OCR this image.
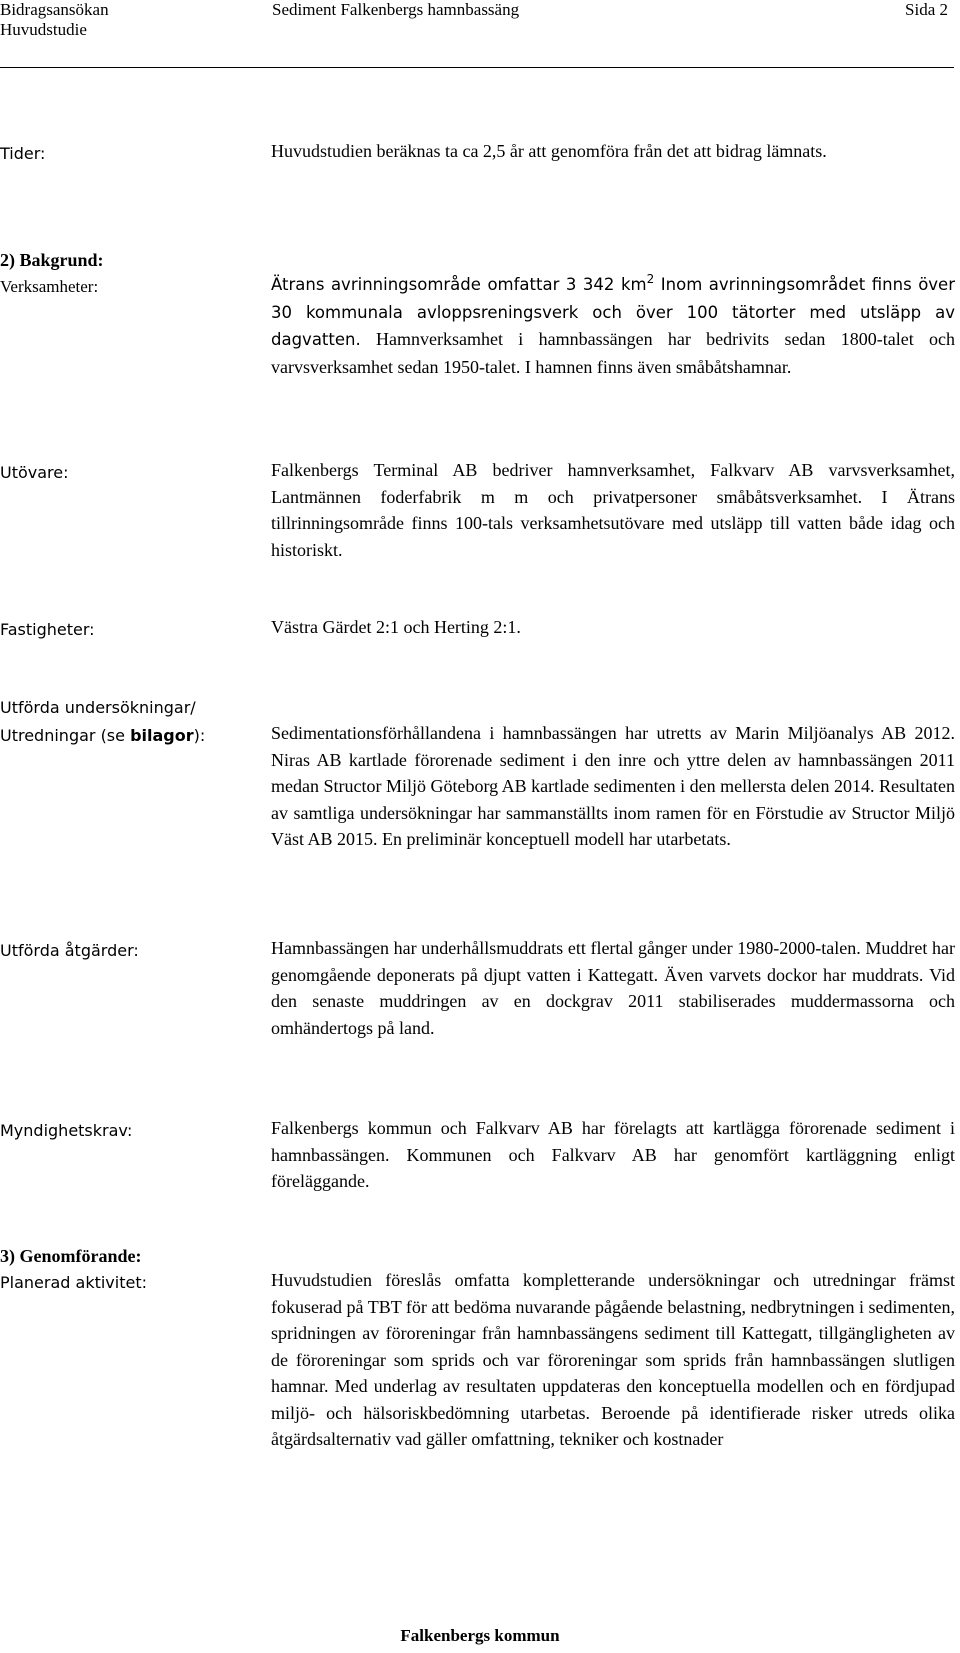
Bidragsansökan
Huvudstudie
Sediment Falkenbergs hamnbassäng	Sida 2
Tider:	Huvudstudien beräknas ta ca 2,5 år att genomföra från det att bidrag lämnats.

2) Bakgrund:
Verksamheter:	Ätrans avrinningsområde omfattar 3 342 $km^2$ Inom avrinningsområdet finns över 30 kommunala avloppsreningsverk och över 100 tätorter med utsläpp av dagvatten. Hamnverksamhet i hamnbassängen har bedrivits sedan 1800-talet och varvsverksamhet sedan 1950-talet. I hamnen finns även småbåtshamnar.

Utövare:	Falkenbergs Terminal AB bedriver hamnverksamhet, Falkvarv AB varvsverksamhet, Lantmännen foderfabrik m m och privatpersoner småbåtsverksamhet. I Ätrans tillrinningsområde finns 100-tals verksamhetsutövare med utsläpp till vatten både idag och historiskt.

Fastigheter:	Västra Gärdet 2:1 och Herting 2:1.

Utförda undersökningar/
Utredningar (se bilagor):	Sedimentationsförhållandena i hamnbassängen har utretts av Marin Miljöanalys AB 2012. Niras AB kartlade förorenade sediment i den inre och yttre delen av hamnbassängen 2011 medan Structor Miljö Göteborg AB kartlade sedimenten i den mellersta delen 2014. Resultaten av samtliga undersökningar har sammanställts inom ramen för en Förstudie av Structor Miljö Väst AB 2015. En preliminär konceptuell modell har utarbetats.

Utförda åtgärder:	Hamnbassängen har underhållsmuddrats ett flertal gånger under 1980-2000-talen. Muddret har genomgående deponerats på djupt vatten i Kattegatt. Även varvets dockor har muddrats. Vid den senaste muddringen av en dockgrav 2011 stabiliserades muddermassorna och omhändertogs på land.

Myndighetskrav:	Falkenbergs kommun och Falkvarv AB har förelagts att kartlägga förorenade sediment i hamnbassängen. Kommunen och Falkvarv AB har genomfört kartläggning enligt föreläggande.

3) Genomförande:
Planerad aktivitet:	Huvudstudien föreslås omfatta kompletterande undersökningar och utredningar främst fokuserad på TBT för att bedöma nuvarande pågående belastning, nedbrytningen i sedimenten, spridningen av föroreningar från hamnbassängens sediment till Kattegatt, tillgängligheten av de föroreningar som sprids och var föroreningar som sprids från hamnbassängen slutligen hamnar. Med underlag av resultaten uppdateras den konceptuella modellen och en fördjupad miljö- och hälsoriskbedömning utarbetas. Beroende på identifierade risker utreds olika åtgärdsalternativ vad gäller omfattning, tekniker och kostnader

Falkenbergs kommun
